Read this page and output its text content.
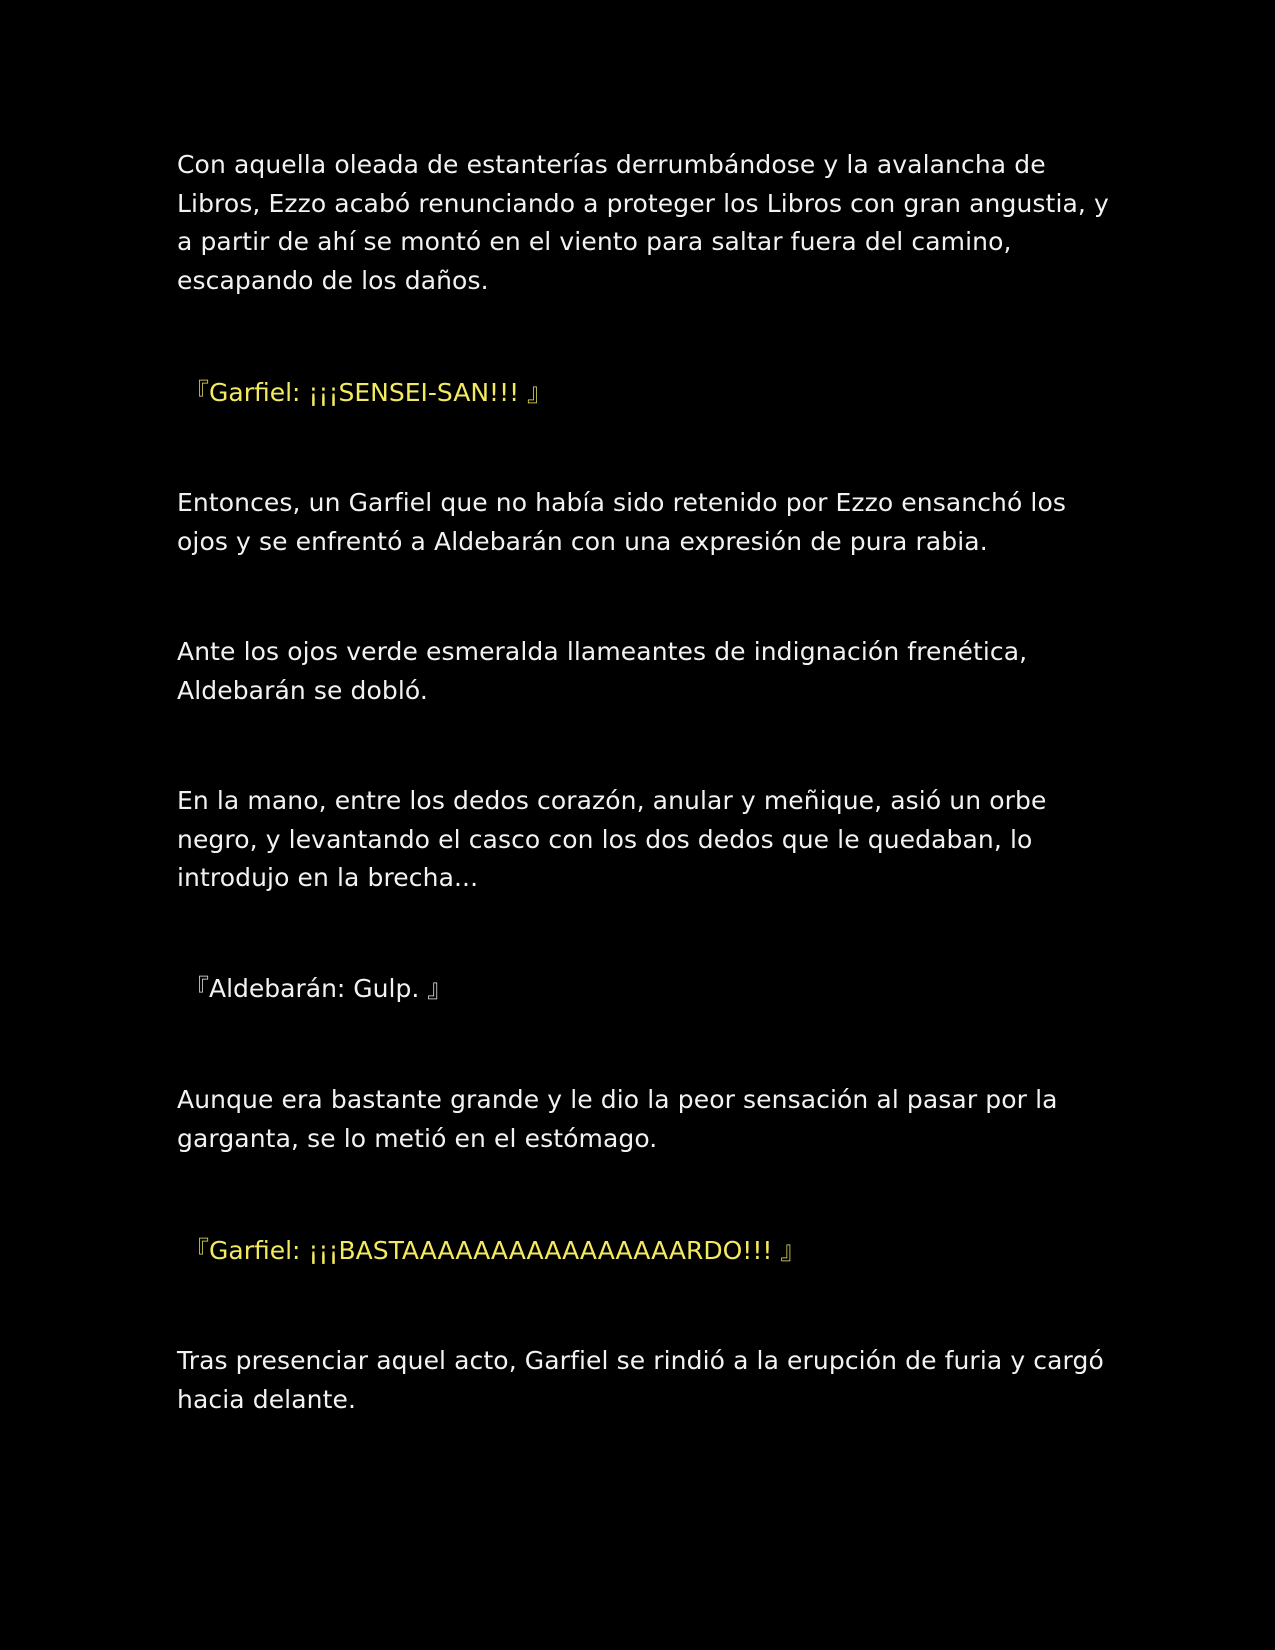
Con aquella oleada de estanterías derrumbándose y la avalancha de
Libros, Ezzo acabó renunciando a proteger los Libros con gran angustia, y
a partir de ahí se montó en el viento para saltar fuera del camino,
escapando de los daños.

『Garfiel: ¡¡¡SENSEI-SAN!!! 』

Entonces, un Garfiel que no había sido retenido por Ezzo ensanchó los
ojos y se enfrentó a Aldebarán con una expresión de pura rabia.

Ante los ojos verde esmeralda llameantes de indignación frenética,
Aldebarán se dobló.

En la mano, entre los dedos corazón, anular y meñique, asió un orbe
negro, y levantando el casco con los dos dedos que le quedaban, lo
introdujo en la brecha...

『Aldebarán: Gulp. 』

Aunque era bastante grande y le dio la peor sensación al pasar por la
garganta, se lo metió en el estómago.

『Garfiel: ¡¡¡BASTAAAAAAAAAAAAAAAARDO!!! 』

Tras presenciar aquel acto, Garfiel se rindió a la erupción de furia y cargó
hacia delante.
